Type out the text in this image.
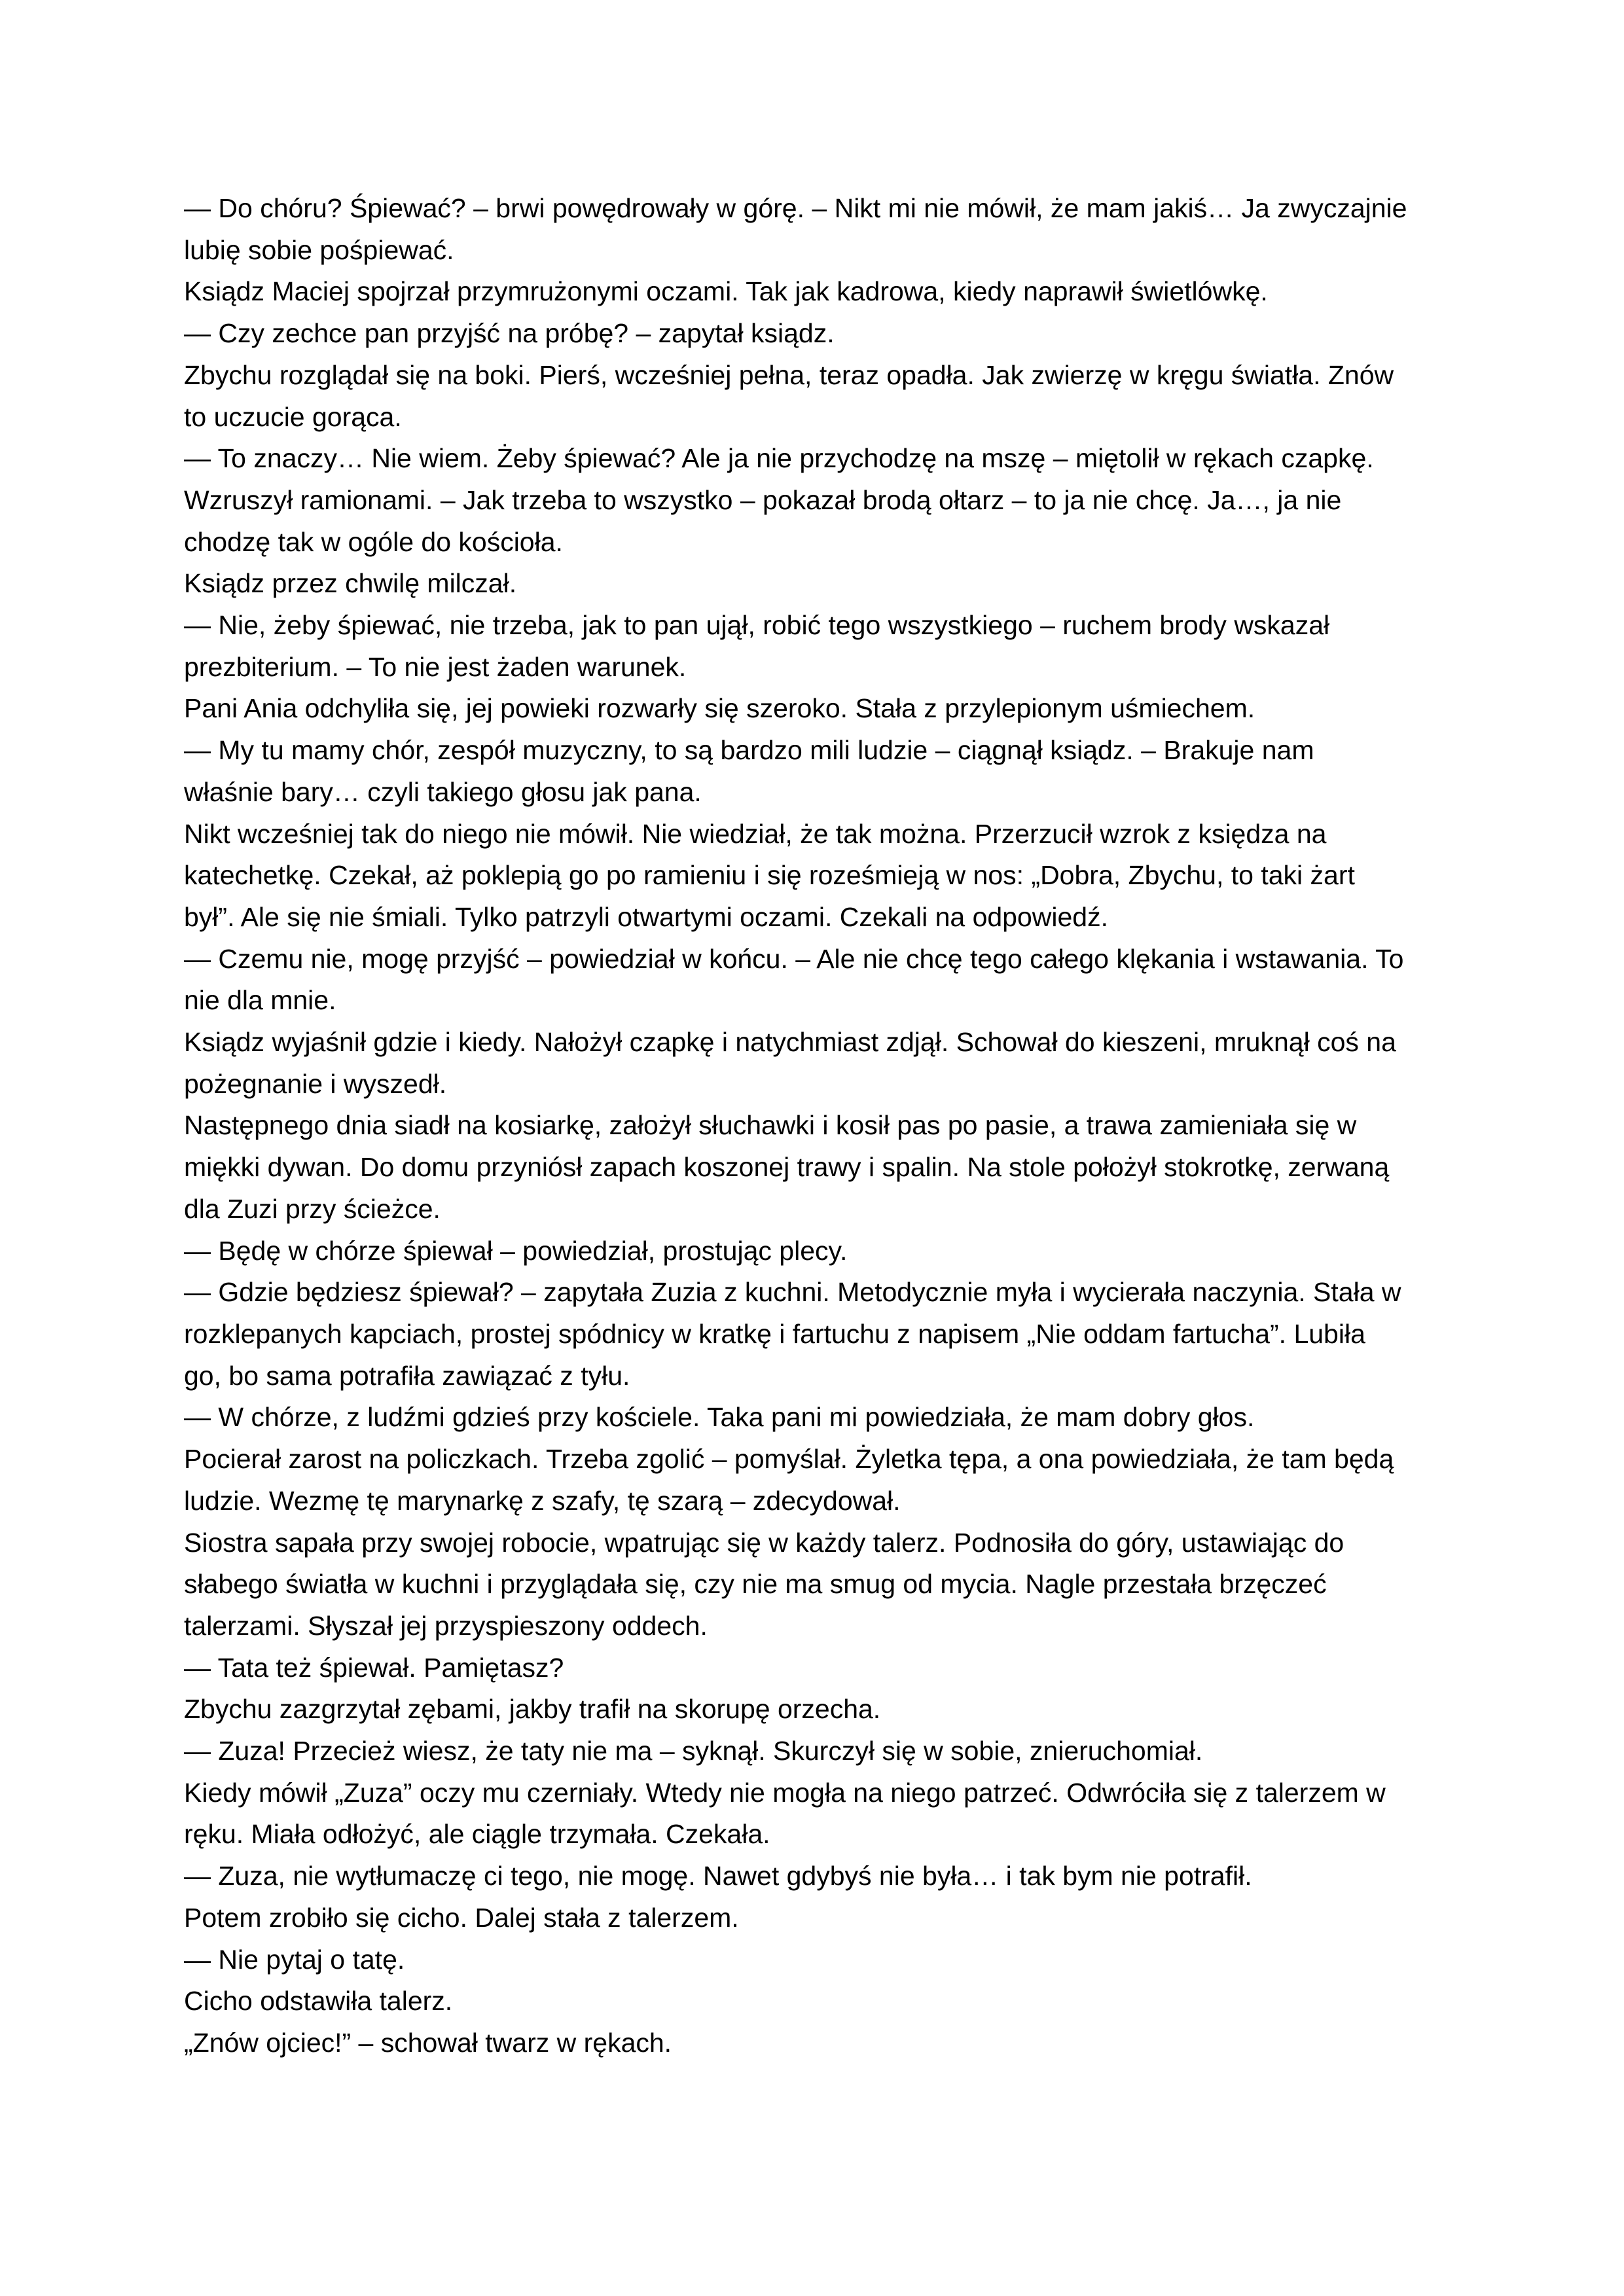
— Do chóru? Śpiewać? – brwi powędrowały w górę. – Nikt mi nie mówił, że mam jakiś… Ja zwyczajnie
lubię sobie pośpiewać.
Ksiądz Maciej spojrzał przymrużonymi oczami. Tak jak kadrowa, kiedy naprawił świetlówkę.
— Czy zechce pan przyjść na próbę? – zapytał ksiądz.
Zbychu rozglądał się na boki. Pierś, wcześniej pełna, teraz opadła. Jak zwierzę w kręgu światła. Znów
to uczucie gorąca.
— To znaczy… Nie wiem. Żeby śpiewać? Ale ja nie przychodzę na mszę – miętolił w rękach czapkę.
Wzruszył ramionami. – Jak trzeba to wszystko – pokazał brodą ołtarz – to ja nie chcę. Ja…, ja nie
chodzę tak w ogóle do kościoła.
Ksiądz przez chwilę milczał.
— Nie, żeby śpiewać, nie trzeba, jak to pan ujął, robić tego wszystkiego – ruchem brody wskazał
prezbiterium. – To nie jest żaden warunek.
Pani Ania odchyliła się, jej powieki rozwarły się szeroko. Stała z przylepionym uśmiechem.
— My tu mamy chór, zespół muzyczny, to są bardzo mili ludzie – ciągnął ksiądz. – Brakuje nam
właśnie bary… czyli takiego głosu jak pana.
Nikt wcześniej tak do niego nie mówił. Nie wiedział, że tak można. Przerzucił wzrok z księdza na
katechetkę. Czekał, aż poklepią go po ramieniu i się roześmieją w nos: „Dobra, Zbychu, to taki żart
był”. Ale się nie śmiali. Tylko patrzyli otwartymi oczami. Czekali na odpowiedź.
— Czemu nie, mogę przyjść – powiedział w końcu. – Ale nie chcę tego całego klękania i wstawania. To
nie dla mnie.
Ksiądz wyjaśnił gdzie i kiedy. Nałożył czapkę i natychmiast zdjął. Schował do kieszeni, mruknął coś na
pożegnanie i wyszedł.
Następnego dnia siadł na kosiarkę, założył słuchawki i kosił pas po pasie, a trawa zamieniała się w
miękki dywan. Do domu przyniósł zapach koszonej trawy i spalin. Na stole położył stokrotkę, zerwaną
dla Zuzi przy ścieżce.
— Będę w chórze śpiewał – powiedział, prostując plecy.
— Gdzie będziesz śpiewał? – zapytała Zuzia z kuchni. Metodycznie myła i wycierała naczynia. Stała w
rozklepanych kapciach, prostej spódnicy w kratkę i fartuchu z napisem „Nie oddam fartucha”. Lubiła
go, bo sama potrafiła zawiązać z tyłu.
— W chórze, z ludźmi gdzieś przy kościele. Taka pani mi powiedziała, że mam dobry głos.
Pocierał zarost na policzkach. Trzeba zgolić – pomyślał. Żyletka tępa, a ona powiedziała, że tam będą
ludzie. Wezmę tę marynarkę z szafy, tę szarą – zdecydował.
Siostra sapała przy swojej robocie, wpatrując się w każdy talerz. Podnosiła do góry, ustawiając do
słabego światła w kuchni i przyglądała się, czy nie ma smug od mycia. Nagle przestała brzęczeć
talerzami. Słyszał jej przyspieszony oddech.
— Tata też śpiewał. Pamiętasz?
Zbychu zazgrzytał zębami, jakby trafił na skorupę orzecha.
— Zuza! Przecież wiesz, że taty nie ma – syknął. Skurczył się w sobie, znieruchomiał.
Kiedy mówił „Zuza” oczy mu czerniały. Wtedy nie mogła na niego patrzeć. Odwróciła się z talerzem w
ręku. Miała odłożyć, ale ciągle trzymała. Czekała.
— Zuza, nie wytłumaczę ci tego, nie mogę. Nawet gdybyś nie była… i tak bym nie potrafił.
Potem zrobiło się cicho. Dalej stała z talerzem.
— Nie pytaj o tatę.
Cicho odstawiła talerz.
„Znów ojciec!” – schował twarz w rękach.
